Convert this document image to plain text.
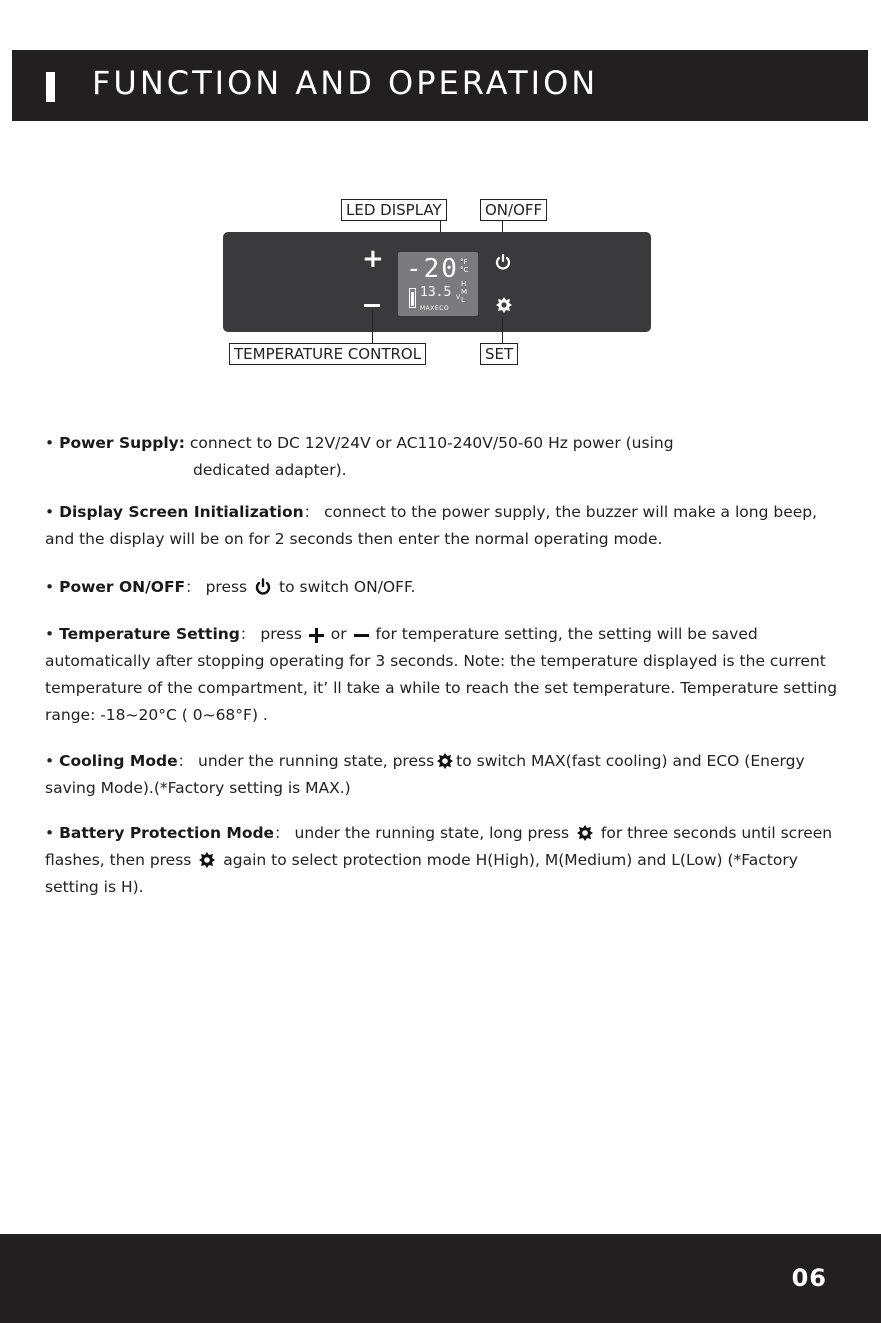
FUNCTION AND OPERATION
LED DISPLAY	ON/OFF
+ -20 °F
°C
H
M
L
13.5 V
MAXECO
TEMPERATURE CONTROL	SET
• Power Supply: connect to DC 12V/24V or AC110-240V/50-60 Hz power (using
dedicated adapter).
• Display Screen Initialization： connect to the power supply, the buzzer will make a long beep, and the display will be on for 2 seconds then enter the normal operating mode.
• Power ON/OFF： press to switch ON/OFF.
• Temperature Setting： press or for temperature setting, the setting will be saved automatically after stopping operating for 3 seconds. Note: the temperature displayed is the current temperature of the compartment, it’ ll take a while to reach the set temperature. Temperature setting range: -18~20°C ( 0~68°F) .
• Cooling Mode： under the running state, press to switch MAX(fast cooling) and ECO (Energy saving Mode).(*Factory setting is MAX.)
• Battery Protection Mode： under the running state, long press for three seconds until screen flashes, then press again to select protection mode H(High), M(Medium) and L(Low) (*Factory setting is H).
06
